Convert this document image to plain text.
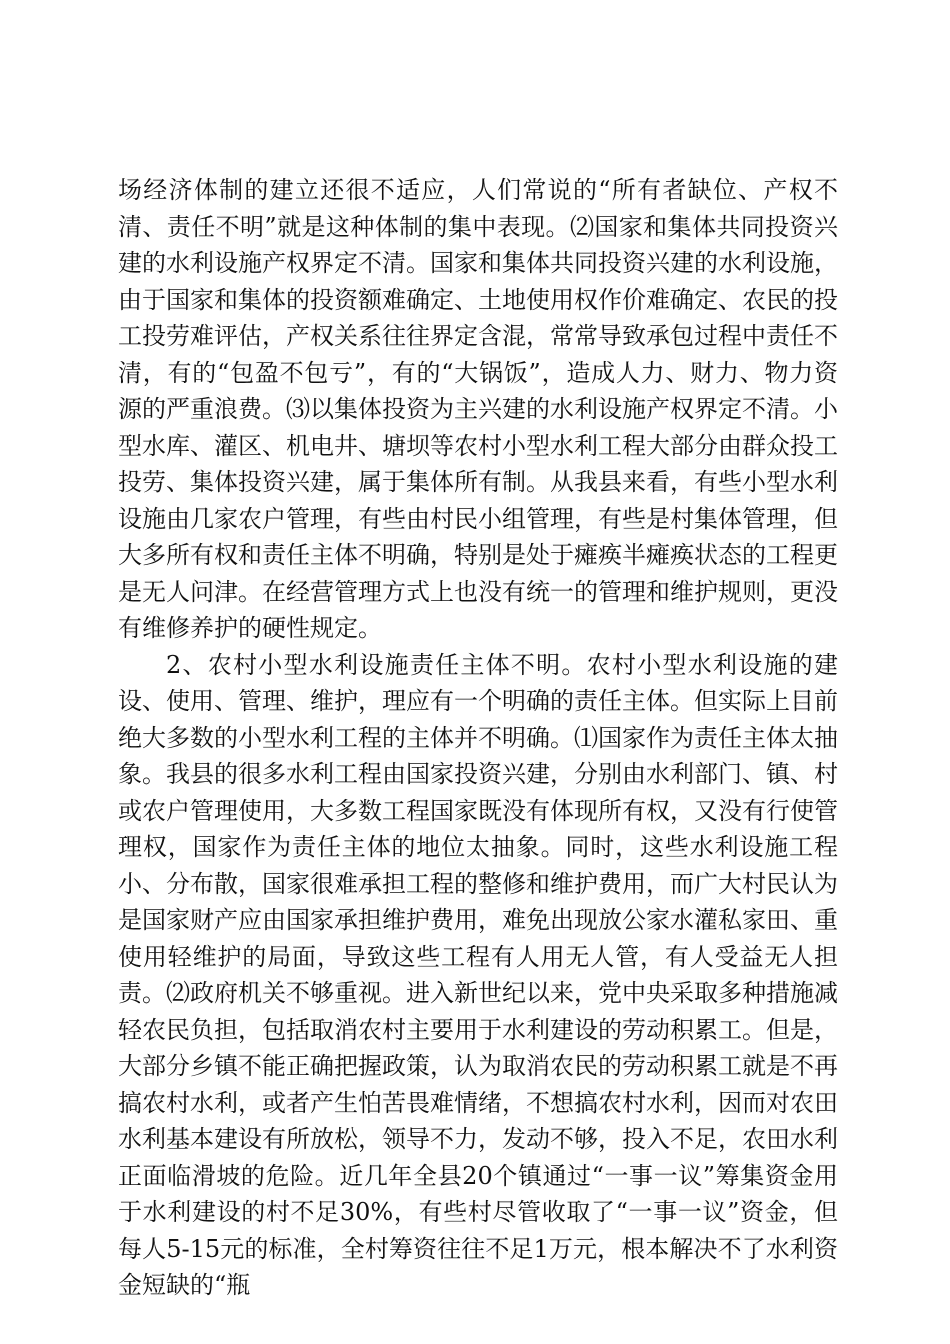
场经济体制的建立还很不适应，人们常说的“所有者缺位、产权不清、责任不明”就是这种体制的集中表现。⑵国家和集体共同投资兴建的水利设施产权界定不清。国家和集体共同投资兴建的水利设施，由于国家和集体的投资额难确定、土地使用权作价难确定、农民的投工投劳难评估，产权关系往往界定含混，常常导致承包过程中责任不清，有的“包盈不包亏”，有的“大锅饭”，造成人力、财力、物力资源的严重浪费。⑶以集体投资为主兴建的水利设施产权界定不清。小型水库、灌区、机电井、塘坝等农村小型水利工程大部分由群众投工投劳、集体投资兴建，属于集体所有制。从我县来看，有些小型水利设施由几家农户管理，有些由村民小组管理，有些是村集体管理，但大多所有权和责任主体不明确，特别是处于瘫痪半瘫痪状态的工程更是无人问津。在经营管理方式上也没有统一的管理和维护规则，更没有维修养护的硬性规定。

2、农村小型水利设施责任主体不明。农村小型水利设施的建设、使用、管理、维护，理应有一个明确的责任主体。但实际上目前绝大多数的小型水利工程的主体并不明确。⑴国家作为责任主体太抽象。我县的很多水利工程由国家投资兴建，分别由水利部门、镇、村或农户管理使用，大多数工程国家既没有体现所有权，又没有行使管理权，国家作为责任主体的地位太抽象。同时，这些水利设施工程小、分布散，国家很难承担工程的整修和维护费用，而广大村民认为是国家财产应由国家承担维护费用，难免出现放公家水灌私家田、重使用轻维护的局面，导致这些工程有人用无人管，有人受益无人担责。⑵政府机关不够重视。进入新世纪以来，党中央采取多种措施减轻农民负担，包括取消农村主要用于水利建设的劳动积累工。但是，大部分乡镇不能正确把握政策，认为取消农民的劳动积累工就是不再搞农村水利，或者产生怕苦畏难情绪，不想搞农村水利，因而对农田水利基本建设有所放松，领导不力，发动不够，投入不足，农田水利正面临滑坡的危险。近几年全县20个镇通过“一事一议”筹集资金用于水利建设的村不足30%，有些村尽管收取了“一事一议”资金，但每人5-15元的标准，全村筹资往往不足1万元，根本解决不了水利资金短缺的“瓶
